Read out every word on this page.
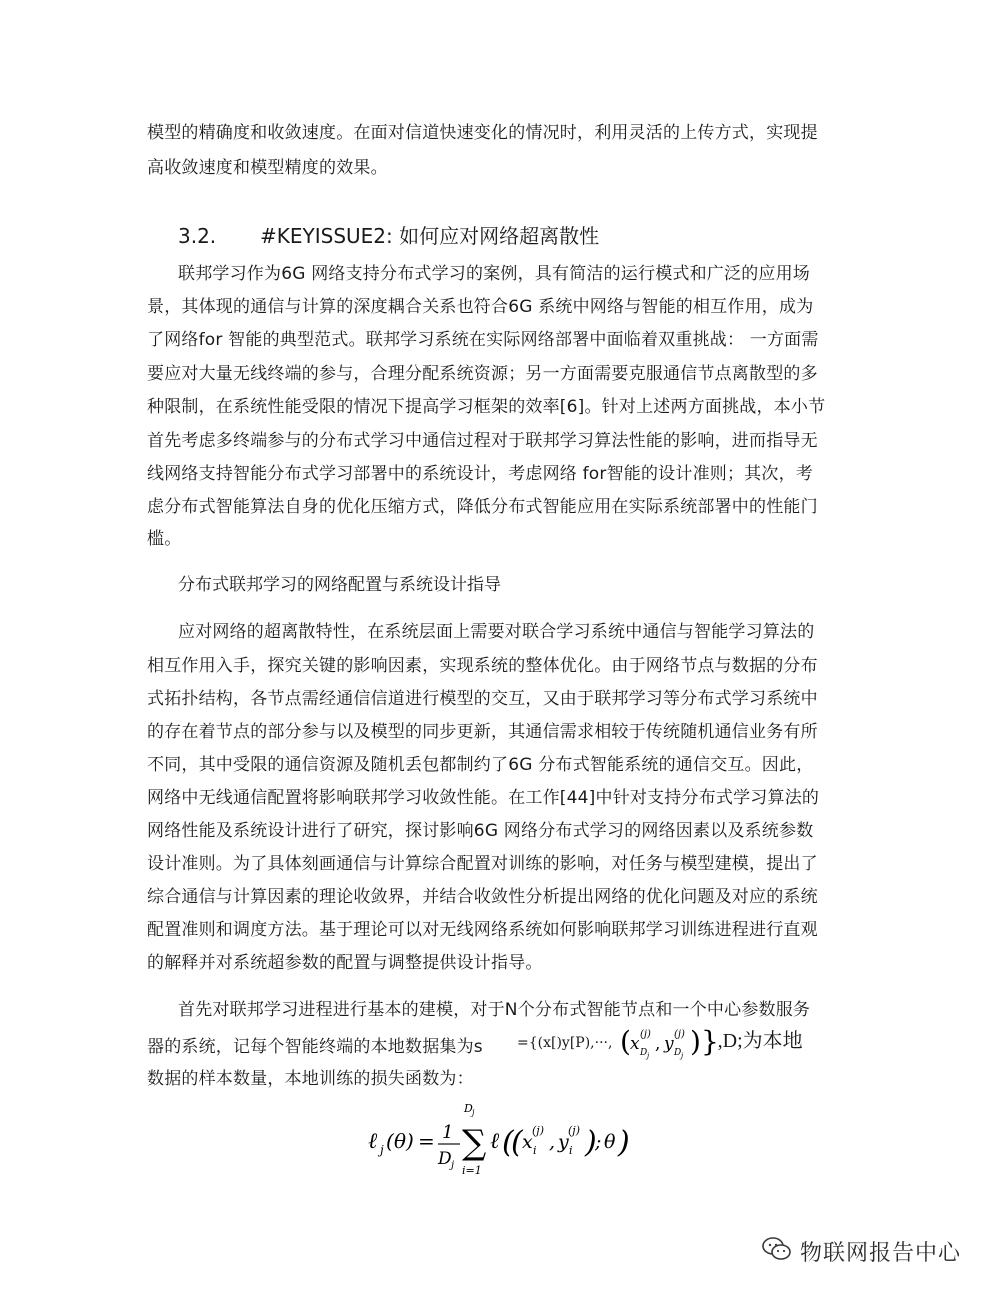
模型的精确度和收敛速度。在面对信道快速变化的情况时，利用灵活的上传方式，实现提
高收敛速度和模型精度的效果。
3.2. #KEYISSUE2: 如何应对网络超离散性
联邦学习作为6G 网络支持分布式学习的案例，具有简洁的运行模式和广泛的应用场
景，其体现的通信与计算的深度耦合关系也符合6G 系统中网络与智能的相互作用，成为
了网络for 智能的典型范式。联邦学习系统在实际网络部署中面临着双重挑战： 一方面需
要应对大量无线终端的参与，合理分配系统资源；另一方面需要克服通信节点离散型的多
种限制，在系统性能受限的情况下提高学习框架的效率[6]。针对上述两方面挑战，本小节
首先考虑多终端参与的分布式学习中通信过程对于联邦学习算法性能的影响，进而指导无
线网络支持智能分布式学习部署中的系统设计，考虑网络 for智能的设计准则；其次，考
虑分布式智能算法自身的优化压缩方式，降低分布式智能应用在实际系统部署中的性能门
槛。
分布式联邦学习的网络配置与系统设计指导
应对网络的超离散特性，在系统层面上需要对联合学习系统中通信与智能学习算法的
相互作用入手，探究关键的影响因素，实现系统的整体优化。由于网络节点与数据的分布
式拓扑结构，各节点需经通信信道进行模型的交互，又由于联邦学习等分布式学习系统中
的存在着节点的部分参与以及模型的同步更新，其通信需求相较于传统随机通信业务有所
不同，其中受限的通信资源及随机丢包都制约了6G 分布式智能系统的通信交互。因此，
网络中无线通信配置将影响联邦学习收敛性能。在工作[44]中针对支持分布式学习算法的
网络性能及系统设计进行了研究，探讨影响6G 网络分布式学习的网络因素以及系统参数
设计准则。为了具体刻画通信与计算综合配置对训练的影响，对任务与模型建模，提出了
综合通信与计算因素的理论收敛界，并结合收敛性分析提出网络的优化问题及对应的系统
配置准则和调度方法。基于理论可以对无线网络系统如何影响联邦学习训练进程进行直观
的解释并对系统超参数的配置与调整提供设计指导。
首先对联邦学习进程进行基本的建模，对于N个分布式智能节点和一个中心参数服务
器的系统，记每个智能终端的本地数据集为s ={(x[)y[P),···, ( x D j
(j) , y D j
(j) ) } ,D;为本地
数据的样本数量，本地训练的损失函数为：
ℓ j ( θ ) = 1
D j
D j
∑
i=1
ℓ (
( x i
(j)
, y i
(j) )
; θ )
物联网报告中心
